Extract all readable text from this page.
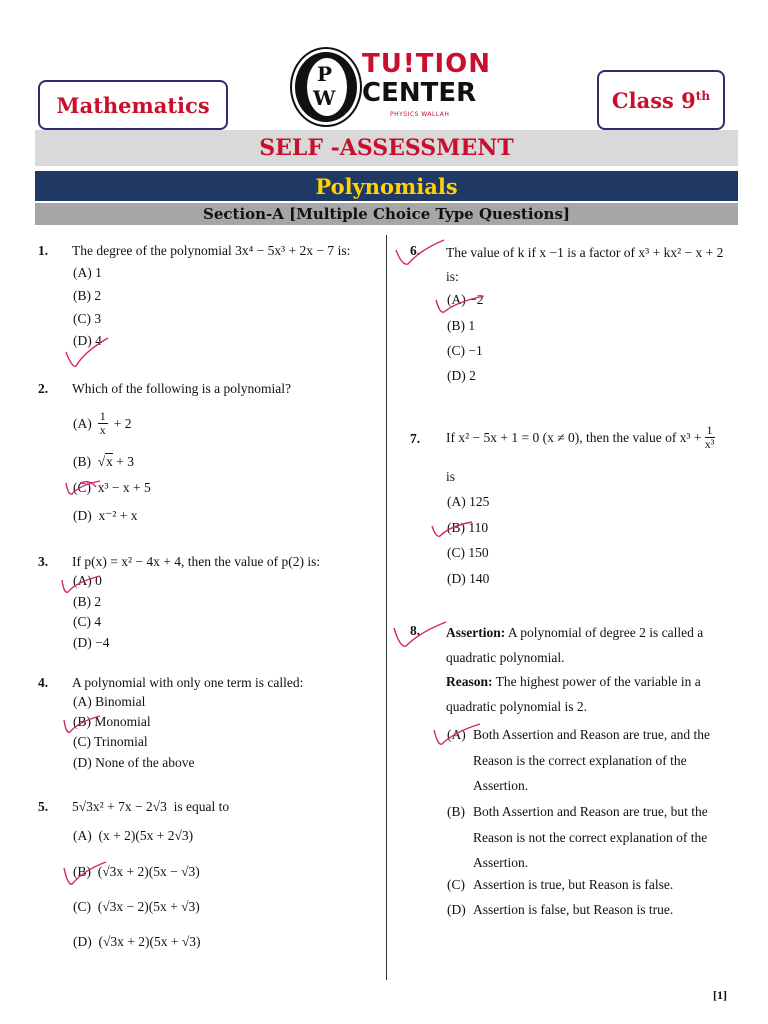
Mathematics	Class 9th
P
W
TU!TION
CENTER
PHYSICS WALLAH
SELF -ASSESSMENT
Polynomials
Section-A [Multiple Choice Type Questions]
1. The degree of the polynomial 3x⁴ − 5x³ + 2x − 7 is:
(A) 1
(B) 2
(C) 3
(D) 4
2. Which of the following is a polynomial?
$(A) \frac{1}{x} + 2$
(B)  √x + 3
(C) x³ − x + 5
(D) x⁻² + x
3. If p(x) = x² − 4x + 4, then the value of p(2) is:
(A) 0
(B) 2
(C) 4
(D) −4
4. A polynomial with only one term is called:
(A) Binomial
(B) Monomial
(C) Trinomial
(D) None of the above
5. 5√3x² + 7x − 2√3 is equal to
(A) (x + 2)(5x + 2√3)
(B) (√3x + 2)(5x − √3)
(C) (√3x − 2)(5x + √3)
(D) (√3x + 2)(5x + √3)
6. The value of k if x −1 is a factor of x³ + kx² − x + 2
is:
(A) −2
(B) 1
(C) −1
(D) 2
7. If x² − 5x + 1 = 0 (x ≠ 0), then the value of $x^3 + \frac{1}{\text{x³}}$
is
(A) 125
(B) 110
(C) 150
(D) 140
8. Assertion: A polynomial of degree 2 is called a
quadratic polynomial.
Reason: The highest power of the variable in a
quadratic polynomial is 2.
(A) Both Assertion and Reason are true, and the
Reason is the correct explanation of the
Assertion.
(B) Both Assertion and Reason are true, but the
Reason is not the correct explanation of the
Assertion.
(C) Assertion is true, but Reason is false.
(D) Assertion is false, but Reason is true.
[1]
